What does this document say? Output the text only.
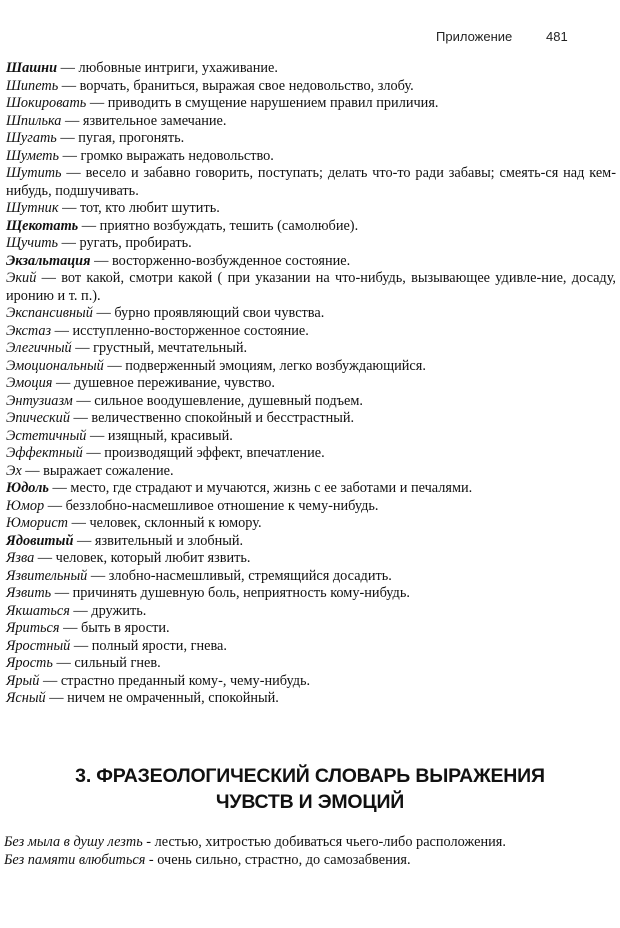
Приложение	481

Шашни — любовные интриги, ухаживание.

Шипеть — ворчать, браниться, выражая свое недовольство, злобу.

Шокировать — приводить в смущение нарушением правил приличия.

Шпилька — язвительное замечание.

Шугать — пугая, прогонять.

Шуметь — громко выражать недовольство.

Шутить — весело и забавно говорить, поступать; делать что-то ради забавы; смеять-ся над кем-нибудь, подшучивать.

Шутник — тот, кто любит шутить.

Щекотать — приятно возбуждать, тешить (самолюбие).

Щучить — ругать, пробирать.

Экзальтация — восторженно-возбужденное состояние.

Экий — вот какой, смотри какой ( при указании на что-нибудь, вызывающее удивле-ние, досаду, иронию и т. п.).

Экспансивный — бурно проявляющий свои чувства.

Экстаз — исступленно-восторженное состояние.

Элегичный — грустный, мечтательный.

Эмоциональный — подверженный эмоциям, легко возбуждающийся.

Эмоция — душевное переживание, чувство.

Энтузиазм — сильное воодушевление, душевный подъем.

Эпический — величественно спокойный и бесстрастный.

Эстетичный — изящный, красивый.

Эффектный — производящий эффект, впечатление.

Эх — выражает сожаление.

Юдоль — место, где страдают и мучаются, жизнь с ее заботами и печалями.

Юмор — беззлобно-насмешливое отношение к чему-нибудь.

Юморист — человек, склонный к юмору.

Ядовитый — язвительный и злобный.

Язва — человек, который любит язвить.

Язвительный — злобно-насмешливый, стремящийся досадить.

Язвить — причинять душевную боль, неприятность кому-нибудь.

Якшаться — дружить.

Яриться — быть в ярости.

Яростный — полный ярости, гнева.

Ярость — сильный гнев.

Ярый — страстно преданный кому-, чему-нибудь.

Ясный — ничем не омраченный, спокойный.

3. ФРАЗЕОЛОГИЧЕСКИЙ СЛОВАРЬ ВЫРАЖЕНИЯ
ЧУВСТВ И ЭМОЦИЙ

Без мыла в душу лезть - лестью, хитростью добиваться чьего-либо расположения.

Без памяти влюбиться - очень сильно, страстно, до самозабвения.
